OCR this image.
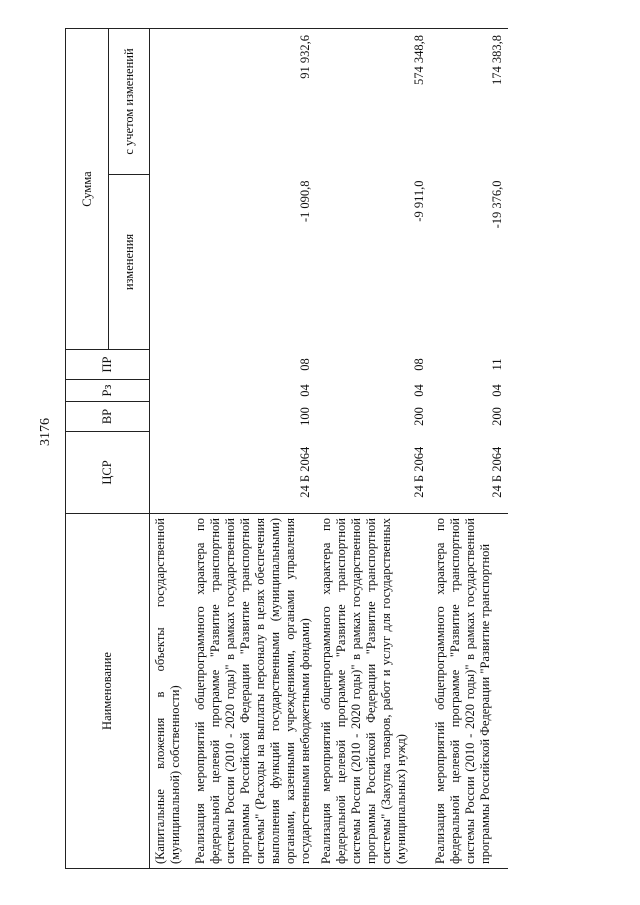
3176
Наименование	ЦСР	ВР	Рз	ПР	Сумма	
					изменения	с учетом изменений
(Капитальные вложения в объекты государственной (муниципальной) собственности)						
Реализация мероприятий общепрограммного характера по федеральной целевой программе "Развитие транспортной системы России (2010 - 2020 годы)" в рамках государственной программы Российской Федерации "Развитие транспортной системы" (Расходы на выплаты персоналу в целях обеспечения выполнения функций государственными (муниципальными) органами, казенными учреждениями, органами управления государственными внебюджетными фондами)	24 Б 2064	100	04	08	-1 090,8	91 932,6
Реализация мероприятий общепрограммного характера по федеральной целевой программе "Развитие транспортной системы России (2010 - 2020 годы)" в рамках государственной программы Российской Федерации "Развитие транспортной системы" (Закупка товаров, работ и услуг для государственных (муниципальных) нужд)	24 Б 2064	200	04	08	-9 911,0	574 348,8
Реализация мероприятий общепрограммного характера по федеральной целевой программе "Развитие транспортной системы России (2010 - 2020 годы)" в рамках государственной программы Российской Федерации "Развитие транспортной	24 Б 2064	200	04	11	-19 376,0	174 383,8
